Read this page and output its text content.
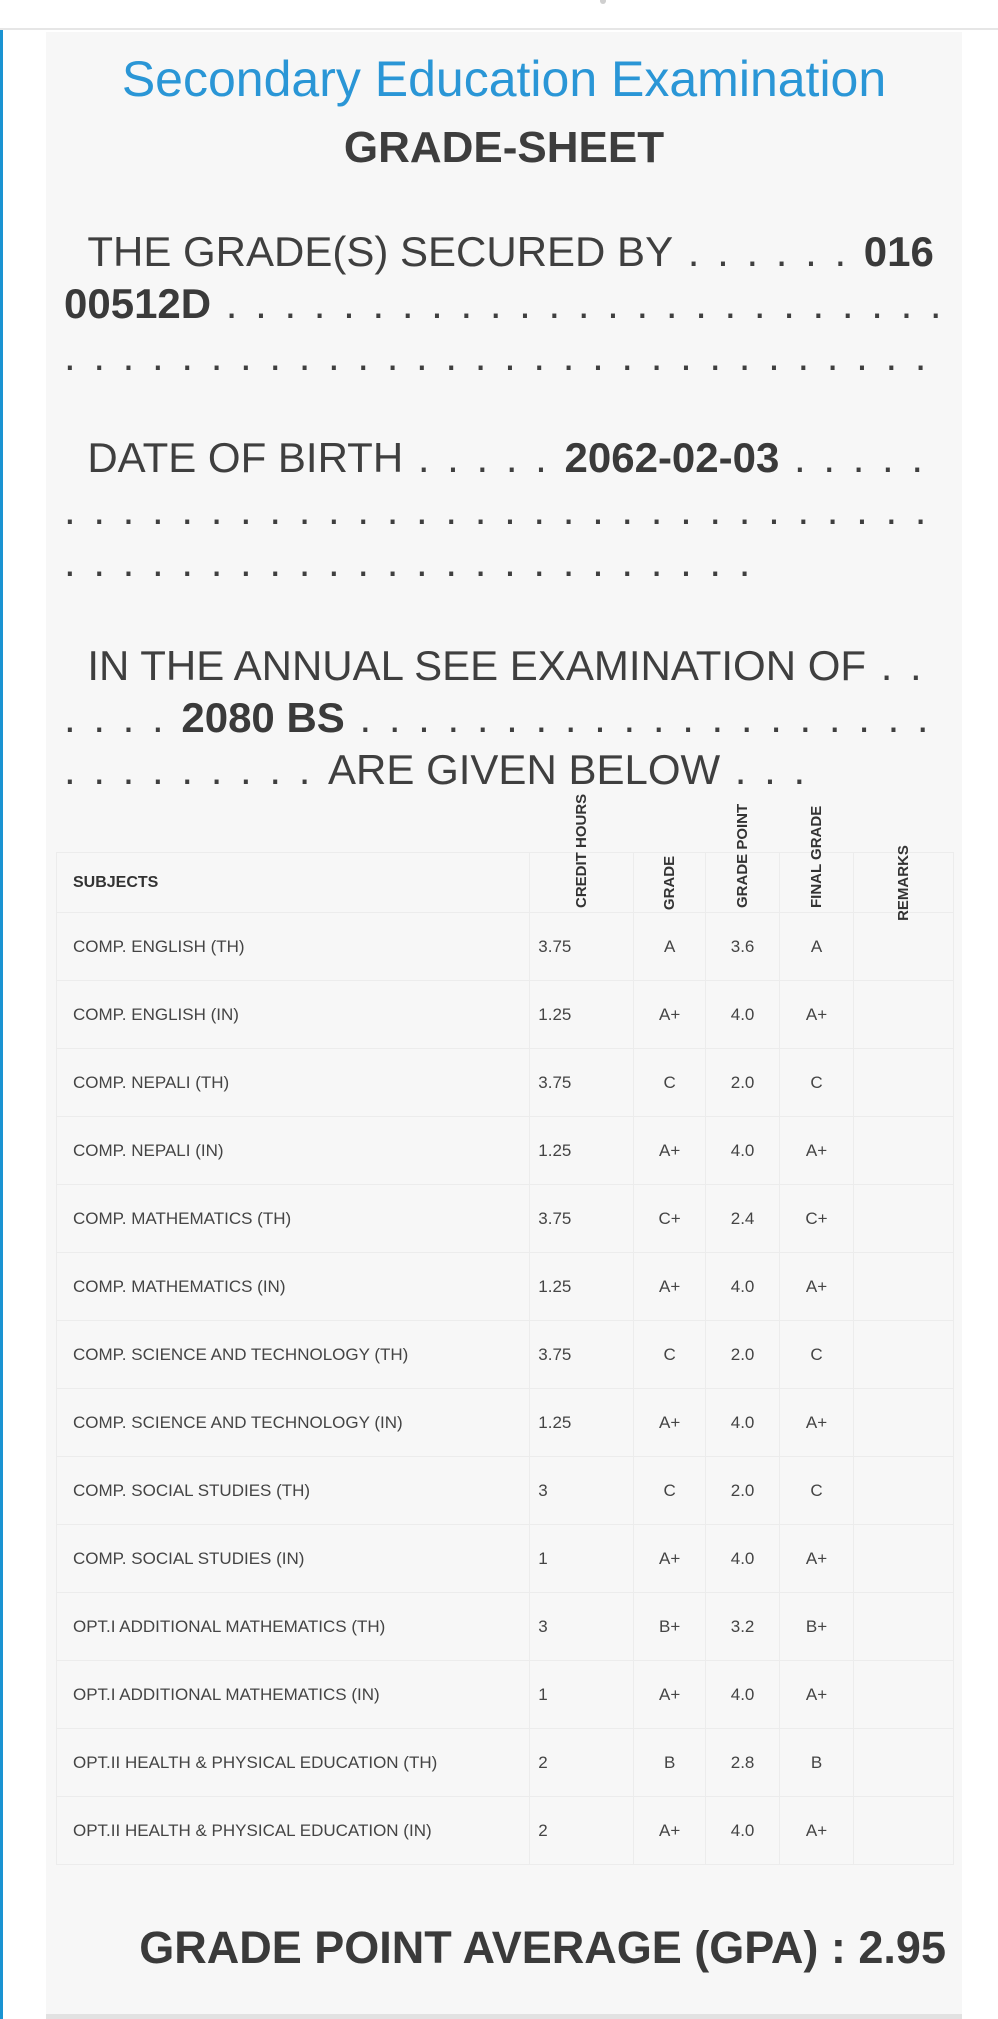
Secondary Education Examination
GRADE-SHEET
THE GRADE(S) SECURED BY . . . . . . 01600512D . . . . . . . . . . . . . . . . . . . . . . . . . . . . . . . . . . . . . . . . . . . . . . . . . . . . . . .
DATE OF BIRTH . . . . . 2062-02-03 . . . . . . . . . . . . . . . . . . . . . . . . . . . . . . . . . . . . . . . . . . . . . . . . . . . . . . . . . . .
IN THE ANNUAL SEE EXAMINATION OF . . . . . . 2080 BS . . . . . . . . . . . . . . . . . . . . . . . . . . . . . ARE GIVEN BELOW . . .
SUBJECTS		GRADE	GRADE POINT	FINAL GRADE	REMARKS
COMP. ENGLISH (TH)	3.75	A	3.6	A	
COMP. ENGLISH (IN)	1.25	A+	4.0	A+	
COMP. NEPALI (TH)	3.75	C	2.0	C	
COMP. NEPALI (IN)	1.25	A+	4.0	A+	
COMP. MATHEMATICS (TH)	3.75	C+	2.4	C+	
COMP. MATHEMATICS (IN)	1.25	A+	4.0	A+	
COMP. SCIENCE AND TECHNOLOGY (TH)	3.75	C	2.0	C	
COMP. SCIENCE AND TECHNOLOGY (IN)	1.25	A+	4.0	A+	
COMP. SOCIAL STUDIES (TH)	3	C	2.0	C	
COMP. SOCIAL STUDIES (IN)	1	A+	4.0	A+	
OPT.I ADDITIONAL MATHEMATICS (TH)	3	B+	3.2	B+	
OPT.I ADDITIONAL MATHEMATICS (IN)	1	A+	4.0	A+	
OPT.II HEALTH & PHYSICAL EDUCATION (TH)	2	B	2.8	B	
OPT.II HEALTH & PHYSICAL EDUCATION (IN)	2	A+	4.0	A+	
GRADE POINT AVERAGE (GPA) : 2.95
